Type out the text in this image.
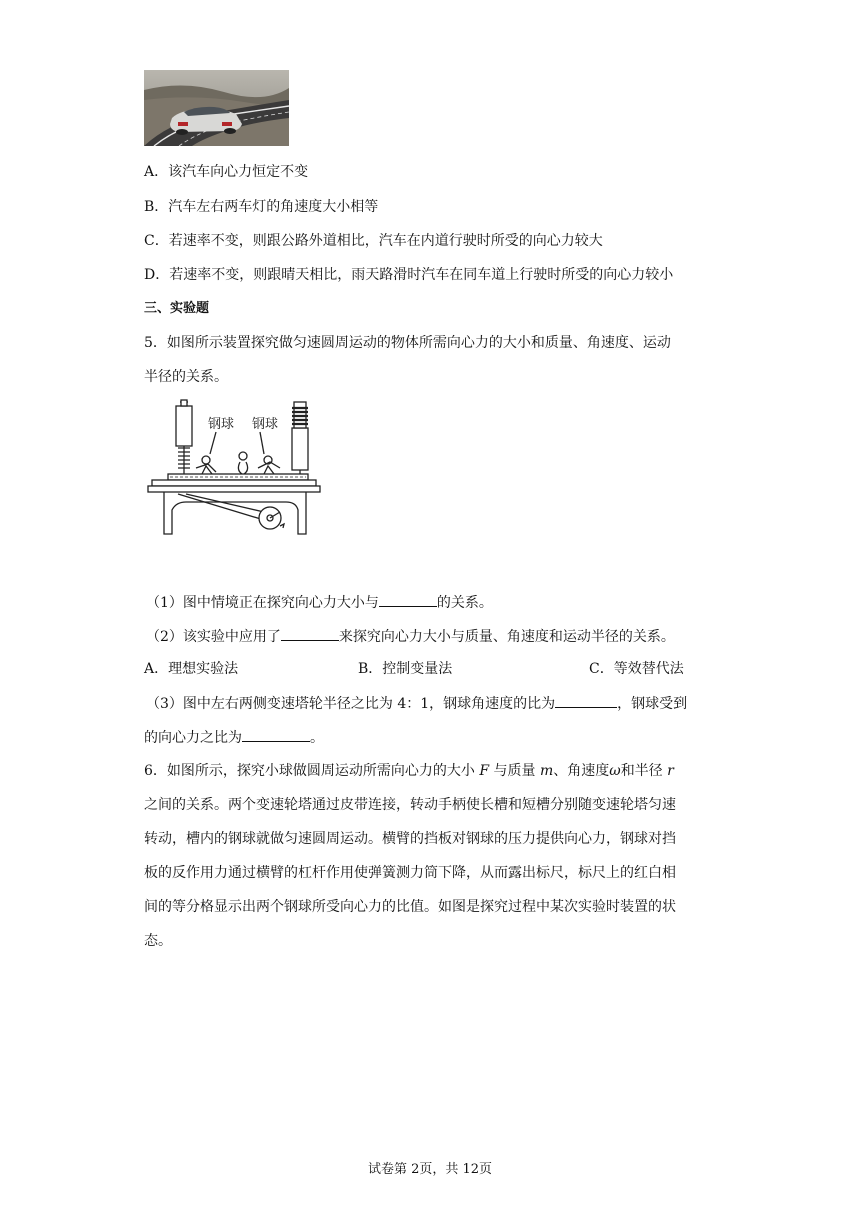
A．该汽车向心力恒定不变
B．汽车左右两车灯的角速度大小相等
C．若速率不变，则跟公路外道相比，汽车在内道行驶时所受的向心力较大
D．若速率不变，则跟晴天相比，雨天路滑时汽车在同车道上行驶时所受的向心力较小
三、实验题
5．如图所示装置探究做匀速圆周运动的物体所需向心力的大小和质量、角速度、运动
半径的关系。
钢球 钢球
（1）图中情境正在探究向心力大小与	的关系。
（2）该实验中应用了	来探究向心力大小与质量、角速度和运动半径的关系。
A．理想实验法	B．控制变量法	C．等效替代法
（3）图中左右两侧变速塔轮半径之比为 4：1，钢球角速度的比为	，钢球受到
的向心力之比为	。
6．如图所示，探究小球做圆周运动所需向心力的大小 F 与质量 m、角速度ω和半径 r
之间的关系。两个变速轮塔通过皮带连接，转动手柄使长槽和短槽分别随变速轮塔匀速
转动，槽内的钢球就做匀速圆周运动。横臂的挡板对钢球的压力提供向心力，钢球对挡
板的反作用力通过横臂的杠杆作用使弹簧测力筒下降，从而露出标尺，标尺上的红白相
间的等分格显示出两个钢球所受向心力的比值。如图是探究过程中某次实验时装置的状
态。
试卷第 2页，共 12页
